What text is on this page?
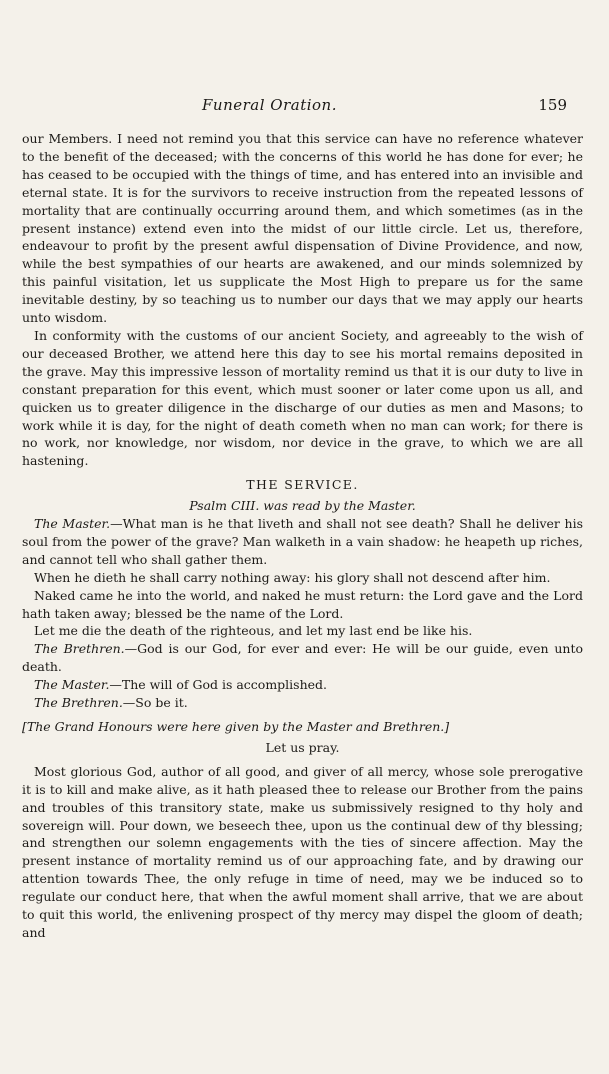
Funeral Oration.	159

our Members. I need not remind you that this service can have no reference whatever to the benefit of the deceased; with the concerns of this world he has done for ever; he has ceased to be occupied with the things of time, and has entered into an invisible and eternal state. It is for the survivors to receive instruction from the repeated lessons of mortality that are continually occurring around them, and which sometimes (as in the present instance) extend even into the midst of our little circle. Let us, therefore, endeavour to profit by the present awful dispensation of Divine Providence, and now, while the best sympathies of our hearts are awakened, and our minds solemnized by this painful visitation, let us supplicate the Most High to prepare us for the same inevitable destiny, by so teaching us to number our days that we may apply our hearts unto wisdom.

In conformity with the customs of our ancient Society, and agreeably to the wish of our deceased Brother, we attend here this day to see his mortal remains deposited in the grave. May this impressive lesson of mortality remind us that it is our duty to live in constant preparation for this event, which must sooner or later come upon us all, and quicken us to greater diligence in the discharge of our duties as men and Masons; to work while it is day, for the night of death cometh when no man can work; for there is no work, nor knowledge, nor wisdom, nor device in the grave, to which we are all hastening.

THE SERVICE.

Psalm CIII. was read by the Master.

The Master.—What man is he that liveth and shall not see death? Shall he deliver his soul from the power of the grave? Man walketh in a vain shadow: he heapeth up riches, and cannot tell who shall gather them.

When he dieth he shall carry nothing away: his glory shall not descend after him.

Naked came he into the world, and naked he must return: the Lord gave and the Lord hath taken away; blessed be the name of the Lord.

Let me die the death of the righteous, and let my last end be like his.

The Brethren.—God is our God, for ever and ever: He will be our guide, even unto death.

The Master.—The will of God is accomplished.

The Brethren.—So be it.

[The Grand Honours were here given by the Master and Brethren.]

Let us pray.

Most glorious God, author of all good, and giver of all mercy, whose sole prerogative it is to kill and make alive, as it hath pleased thee to release our Brother from the pains and troubles of this transitory state, make us submissively resigned to thy holy and sovereign will. Pour down, we beseech thee, upon us the continual dew of thy blessing; and strengthen our solemn engagements with the ties of sincere affection. May the present instance of mortality remind us of our approaching fate, and by drawing our attention towards Thee, the only refuge in time of need, may we be induced so to regulate our conduct here, that when the awful moment shall arrive, that we are about to quit this world, the enlivening prospect of thy mercy may dispel the gloom of death; and
